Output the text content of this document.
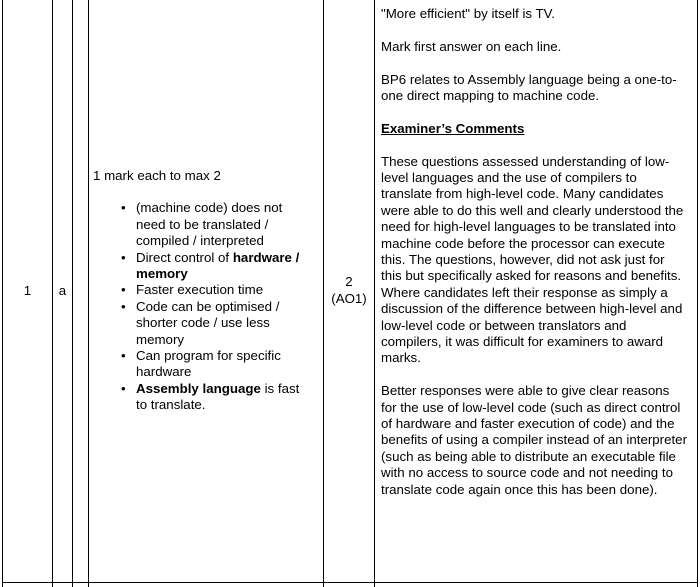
1 a

1 mark each to max 2

• (machine code) does not need to be translated / compiled / interpreted
• Direct control of hardware / memory
• Faster execution time
• Code can be optimised / shorter code / use less memory
• Can program for specific hardware
• Assembly language is fast to translate.
2
(AO1)

"More efficient" by itself is TV.

Mark first answer on each line.

BP6 relates to Assembly language being a one-to-one direct mapping to machine code.

Examiner’s Comments

These questions assessed understanding of low-level languages and the use of compilers to translate from high-level code. Many candidates were able to do this well and clearly understood the need for high-level languages to be translated into machine code before the processor can execute this. The questions, however, did not ask just for this but specifically asked for reasons and benefits. Where candidates left their response as simply a discussion of the difference between high-level and low-level code or between translators and compilers, it was difficult for examiners to award marks.

Better responses were able to give clear reasons for the use of low-level code (such as direct control of hardware and faster execution of code) and the benefits of using a compiler instead of an interpreter (such as being able to distribute an executable file with no access to source code and not needing to translate code again once this has been done).
